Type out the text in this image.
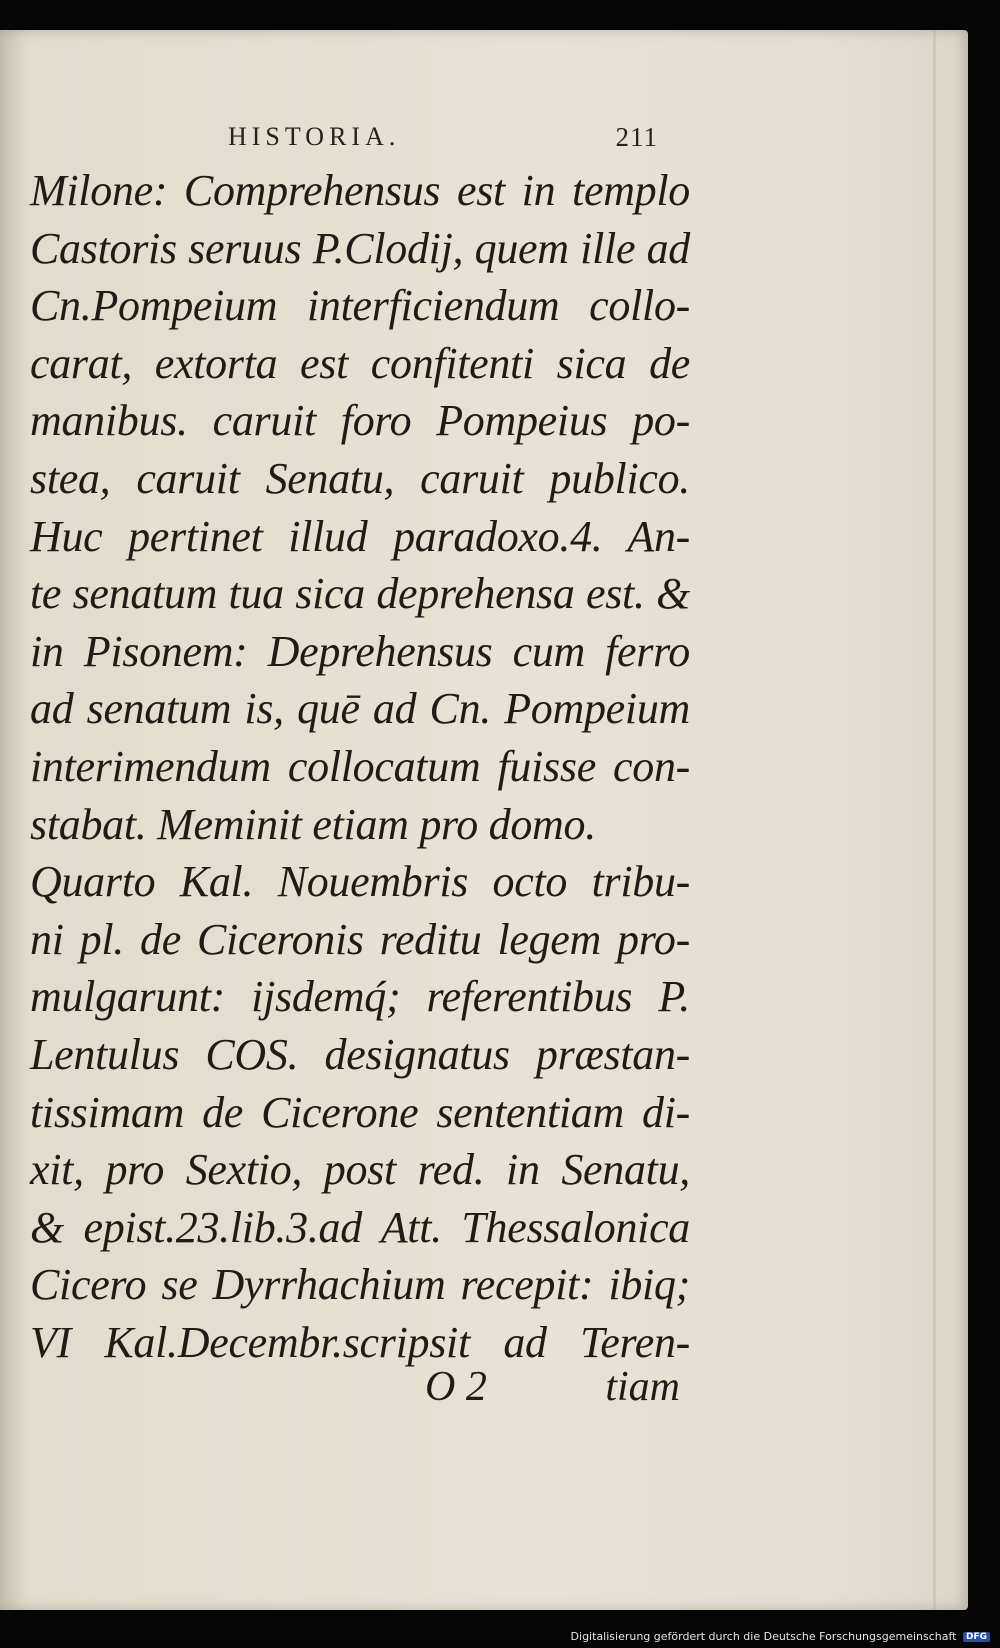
HISTORIA.	211
Milone: Comprehensus est in templo
Castoris seruus P.Clodij, quem ille ad
Cn.Pompeium interficiendum collo-
carat, extorta est confitenti sica de
manibus. caruit foro Pompeius po-
stea, caruit Senatu, caruit publico.
Huc pertinet illud paradoxo.4. An-
te senatum tua sica deprehensa est. &
in Pisonem: Deprehensus cum ferro
ad senatum is, quē ad Cn. Pompeium
interimendum collocatum fuisse con-
stabat. Meminit etiam pro domo.
Quarto Kal. Nouembris octo tribu-
ni pl. de Ciceronis reditu legem pro-
mulgarunt: ijsdemq́; referentibus P.
Lentulus COS. designatus præstan-
tissimam de Cicerone sententiam di-
xit, pro Sextio, post red. in Senatu,
& epist.23.lib.3.ad Att. Thessalonica
Cicero se Dyrrhachium recepit: ibiq;
VI Kal.Decembr.scripsit ad Teren-
O 2	tiam
Digitalisierung gefördert durch die Deutsche Forschungsgemeinschaft DFG
